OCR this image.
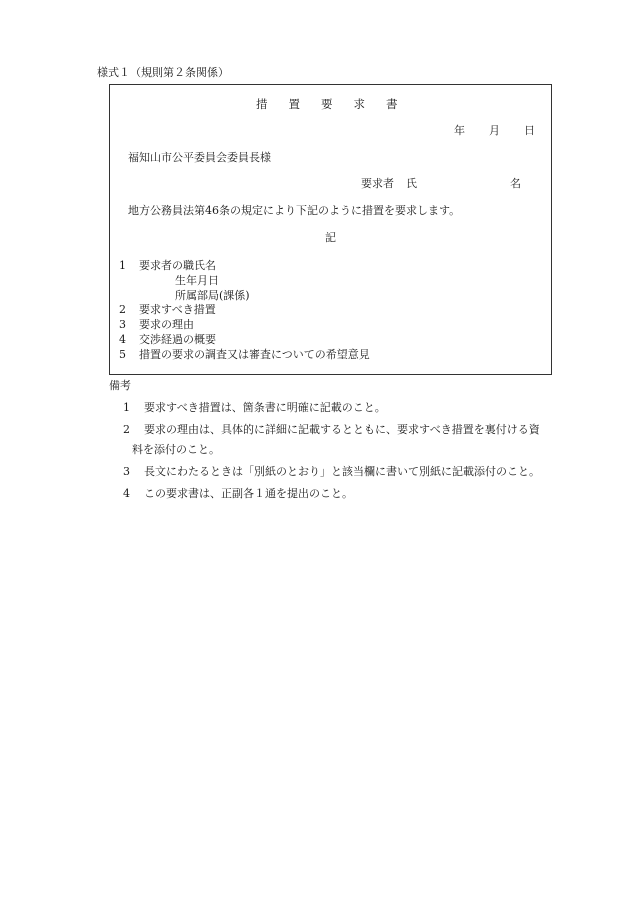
様式１（規則第２条関係）
措 置 要 求 書
年 月 日
福知山市公平委員会委員長様
要求者 氏	名
地方公務員法第46条の規定により下記のように措置を要求します。
記
1 要求者の職氏名
生年月日
所属部局(課係)
2 要求すべき措置
3 要求の理由
4 交渉経過の概要
5 措置の要求の調査又は審査についての希望意見
備考
1 要求すべき措置は、箇条書に明確に記載のこと。
2 要求の理由は、具体的に詳細に記載するとともに、要求すべき措置を裏付ける資
料を添付のこと。
3 長文にわたるときは「別紙のとおり」と該当欄に書いて別紙に記載添付のこと。
4 この要求書は、正副各１通を提出のこと。
